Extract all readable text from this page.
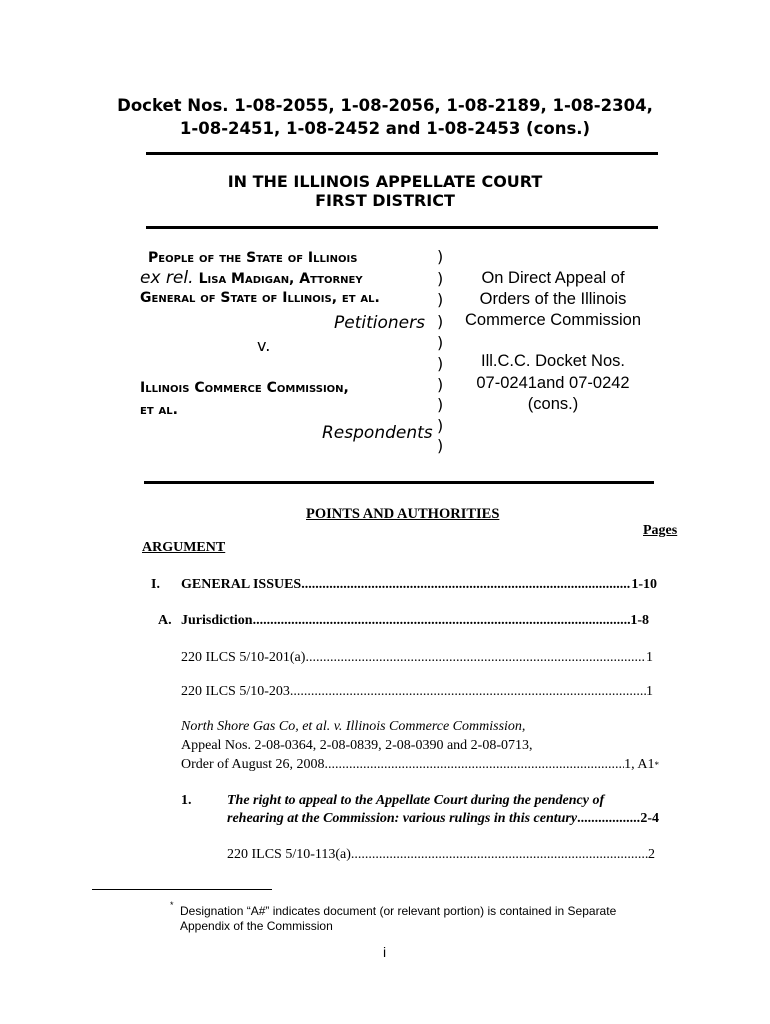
Docket Nos. 1-08-2055, 1-08-2056, 1-08-2189, 1-08-2304,
1-08-2451, 1-08-2452 and 1-08-2453 (cons.)
IN THE ILLINOIS APPELLATE COURT
FIRST DISTRICT
People of the State of Illinois
ex rel. Lisa Madigan, Attorney
General of State of Illinois, et al.
Petitioners
v.
Illinois Commerce Commission,
et al.
Respondents
)
)
)
)
)
)
)
)
)
)
On Direct Appeal of
Orders of the Illinois
Commerce Commission
Ill.C.C. Docket Nos.
07-0241and 07-0242
(cons.)
POINTS AND AUTHORITIES
Pages
ARGUMENT
I. GENERAL ISSUES .....	1-10
A. Jurisdiction .....	1-8
220 ILCS 5/10-201(a) .....	1
220 ILCS 5/10-203 .....	1
North Shore Gas Co, et al. v. Illinois Commerce Commission,
Appeal Nos. 2-08-0364, 2-08-0839, 2-08-0390 and 2-08-0713,
Order of August 26, 2008 .....	1, A1 *
1.	The right to appeal to the Appellate Court during the pendency of
rehearing at the Commission: various rulings in this century .....	2-4
220 ILCS 5/10-113(a) .....	2
* Designation “A#” indicates document (or relevant portion) is contained in Separate
Appendix of the Commission
i
